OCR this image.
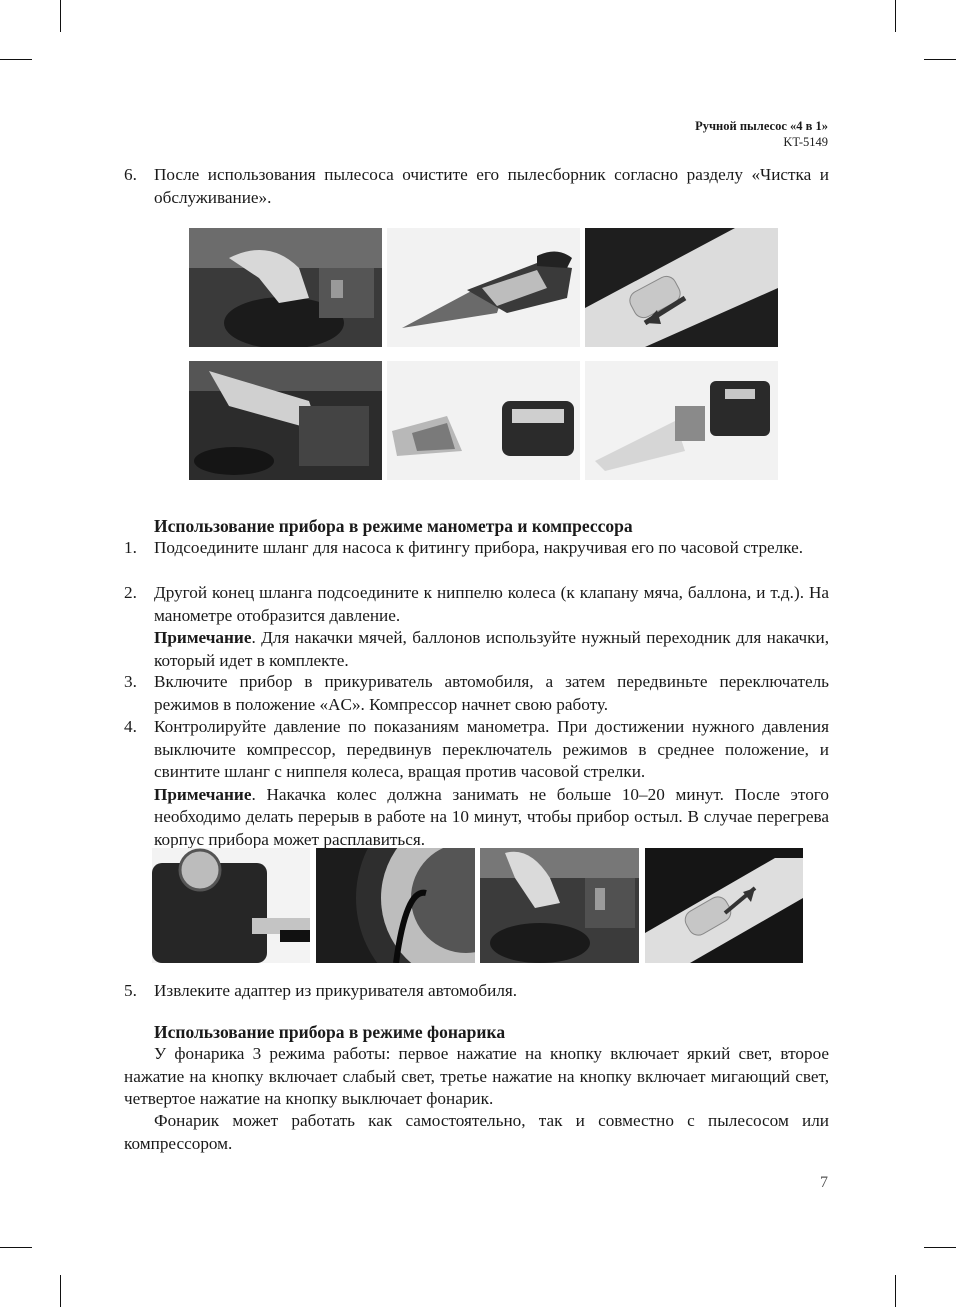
Ручной пылесос «4 в 1»
KT-5149
6. После использования пылесоса очистите его пылесборник согласно разделу «Чистка и обслуживание».
Использование прибора в режиме манометра и компрессора
1. Подсоедините шланг для насоса к фитингу прибора, накручивая его по часовой стрелке.
2. Другой конец шланга подсоедините к ниппелю колеса (к клапану мяча, баллона, и т.д.). На манометре отобразится давление.
Примечание. Для накачки мячей, баллонов используйте нужный переходник для накачки, который идет в комплекте.
3. Включите прибор в прикуриватель автомобиля, а затем передвиньте переключатель режимов в положение «AC». Компрессор начнет свою работу.
4. Контролируйте давление по показаниям манометра. При достижении нужного давления выключите компрессор, передвинув переключатель режимов в среднее положение, и свинтите шланг с ниппеля колеса, вращая против часовой стрелки.
Примечание. Накачка колес должна занимать не больше 10–20 минут. После этого необходимо делать перерыв в работе на 10 минут, чтобы прибор остыл. В случае перегрева корпус прибора может расплавиться.
5. Извлеките адаптер из прикуривателя автомобиля.
Использование прибора в режиме фонарика
У фонарика 3 режима работы: первое нажатие на кнопку включает яркий свет, второе нажатие на кнопку включает слабый свет, третье нажатие на кнопку включает мигающий свет, четвертое нажатие на кнопку выключает фонарик.
Фонарик может работать как самостоятельно, так и совместно с пылесосом или компрессором.
7
